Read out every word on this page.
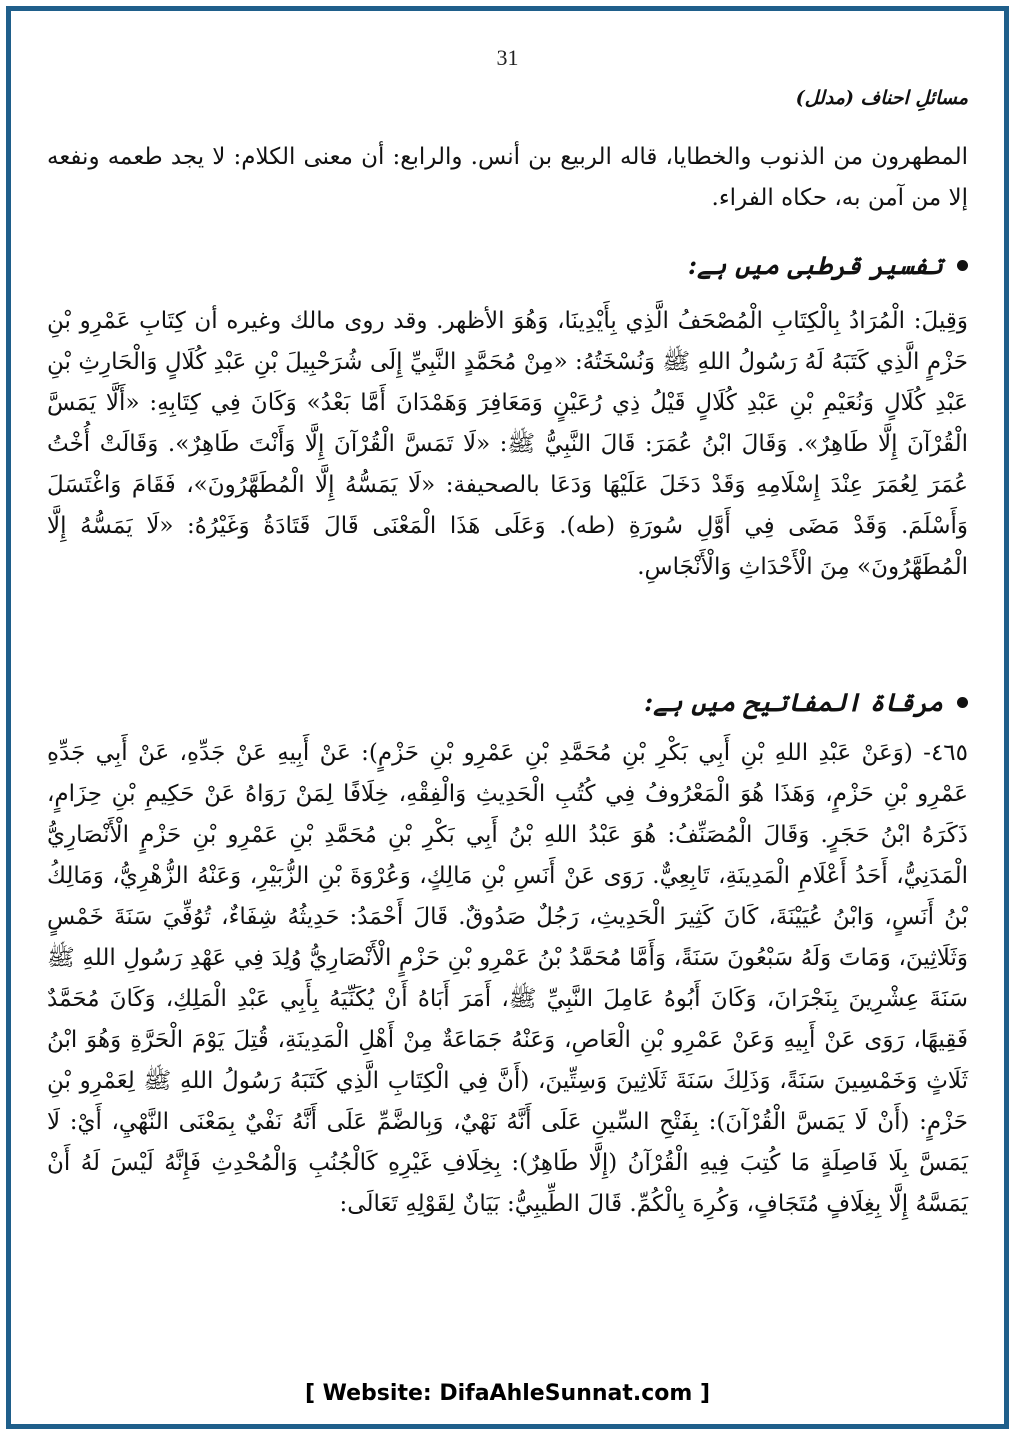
31
مسائلِ احناف (مدلل)

المطهرون من الذنوب والخطايا، قاله الربيع بن أنس. والرابع: أن معنى الكلام: لا يجد طعمه ونفعه إلا من آمن به، حكاه الفراء.

تفسیر قرطبی میں ہے:

وَقِيلَ: الْمُرَادُ بِالْكِتَابِ الْمُصْحَفُ الَّذِي بِأَيْدِينَا، وَهُوَ الأظهر. وقد روى مالك وغيره أن كِتَابِ عَمْرِو بْنِ حَزْمٍ الَّذِي كَتَبَهُ لَهُ رَسُولُ اللهِ ﷺ وَنُسْخَتُهُ: «مِنْ مُحَمَّدٍ النَّبِيِّ إِلَى شُرَحْبِيلَ بْنِ عَبْدِ كُلَالٍ وَالْحَارِثِ بْنِ عَبْدِ كُلَالٍ وَنُعَيْمِ بْنِ عَبْدِ كُلَالٍ قَيْلُ ذِي رُعَيْنٍ وَمَعَافِرَ وَهَمْدَانَ أَمَّا بَعْدُ» وَكَانَ فِي كِتَابِهِ: «أَلَّا يَمَسَّ الْقُرْآنَ إِلَّا طَاهِرٌ». وَقَالَ ابْنُ عُمَرَ: قَالَ النَّبِيُّ ﷺ: «لَا تَمَسَّ الْقُرْآنَ إِلَّا وَأَنْتَ طَاهِرٌ». وَقَالَتْ أُخْتُ عُمَرَ لِعُمَرَ عِنْدَ إِسْلَامِهِ وَقَدْ دَخَلَ عَلَيْهَا وَدَعَا بالصحيفة: «لَا يَمَسُّهُ إِلَّا الْمُطَهَّرُونَ»، فَقَامَ وَاغْتَسَلَ وَأَسْلَمَ. وَقَدْ مَضَى فِي أَوَّلِ سُورَةِ (طه). وَعَلَى هَذَا الْمَعْنَى قَالَ قَتَادَةُ وَغَيْرُهُ: «لَا يَمَسُّهُ إِلَّا الْمُطَهَّرُونَ» مِنَ الْأَحْدَاثِ وَالْأَنْجَاسِ.

مرقاۃ المفاتیح میں ہے:

٤٦٥- (وَعَنْ عَبْدِ اللهِ بْنِ أَبِي بَكْرِ بْنِ مُحَمَّدِ بْنِ عَمْرِو بْنِ حَزْمٍ): عَنْ أَبِيهِ عَنْ جَدِّهِ، عَنْ أَبِي جَدِّهِ عَمْرِو بْنِ حَزْمٍ، وَهَذَا هُوَ الْمَعْرُوفُ فِي كُتُبِ الْحَدِيثِ وَالْفِقْهِ، خِلَافًا لِمَنْ رَوَاهُ عَنْ حَكِيمِ بْنِ حِزَامٍ، ذَكَرَهُ ابْنُ حَجَرٍ. وَقَالَ الْمُصَنِّفُ: هُوَ عَبْدُ اللهِ بْنُ أَبِي بَكْرِ بْنِ مُحَمَّدِ بْنِ عَمْرِو بْنِ حَزْمٍ الْأَنْصَارِيُّ الْمَدَنِيُّ، أَحَدُ أَعْلَامِ الْمَدِينَةِ، تَابِعِيٌّ. رَوَى عَنْ أَنَسِ بْنِ مَالِكٍ، وَعُرْوَةَ بْنِ الزُّبَيْرِ، وَعَنْهُ الزُّهْرِيُّ، وَمَالِكُ بْنُ أَنَسٍ، وَابْنُ عُيَيْنَةَ، كَانَ كَثِيرَ الْحَدِيثِ، رَجُلٌ صَدُوقٌ. قَالَ أَحْمَدُ: حَدِيثُهُ شِفَاءٌ، تُوُفِّيَ سَنَةَ خَمْسٍ وَثَلَاثِينَ، وَمَاتَ وَلَهُ سَبْعُونَ سَنَةً، وَأَمَّا مُحَمَّدُ بْنُ عَمْرِو بْنِ حَزْمٍ الْأَنْصَارِيُّ وُلِدَ فِي عَهْدِ رَسُولِ اللهِ ﷺ سَنَةَ عِشْرِينَ بِنَجْرَانَ، وَكَانَ أَبُوهُ عَامِلَ النَّبِيِّ ﷺ، أَمَرَ أَبَاهُ أَنْ يُكَنِّيَهُ بِأَبِي عَبْدِ الْمَلِكِ، وَكَانَ مُحَمَّدٌ فَقِيهًا، رَوَى عَنْ أَبِيهِ وَعَنْ عَمْرِو بْنِ الْعَاصِ، وَعَنْهُ جَمَاعَةٌ مِنْ أَهْلِ الْمَدِينَةِ، قُتِلَ يَوْمَ الْحَرَّةِ وَهُوَ ابْنُ ثَلَاثٍ وَخَمْسِينَ سَنَةً، وَذَلِكَ سَنَةَ ثَلَاثِينَ وَسِتِّينَ، (أَنَّ فِي الْكِتَابِ الَّذِي كَتَبَهُ رَسُولُ اللهِ ﷺ لِعَمْرِو بْنِ حَزْمٍ: (أَنْ لَا يَمَسَّ الْقُرْآنَ): بِفَتْحِ السِّينِ عَلَى أَنَّهُ نَهْيٌ، وَبِالضَّمِّ عَلَى أَنَّهُ نَفْيٌ بِمَعْنَى النَّهْيِ، أَيْ: لَا يَمَسَّ بِلَا فَاصِلَةٍ مَا كُتِبَ فِيهِ الْقُرْآنُ (إِلَّا طَاهِرٌ): بِخِلَافِ غَيْرِهِ كَالْجُنُبِ وَالْمُحْدِثِ فَإِنَّهُ لَيْسَ لَهُ أَنْ يَمَسَّهُ إِلَّا بِغِلَافٍ مُتَجَافٍ، وَكُرِهَ بِالْكُمِّ. قَالَ الطِّيبِيُّ: بَيَانٌ لِقَوْلِهِ تَعَالَى:

[ Website: DifaAhleSunnat.com ]
